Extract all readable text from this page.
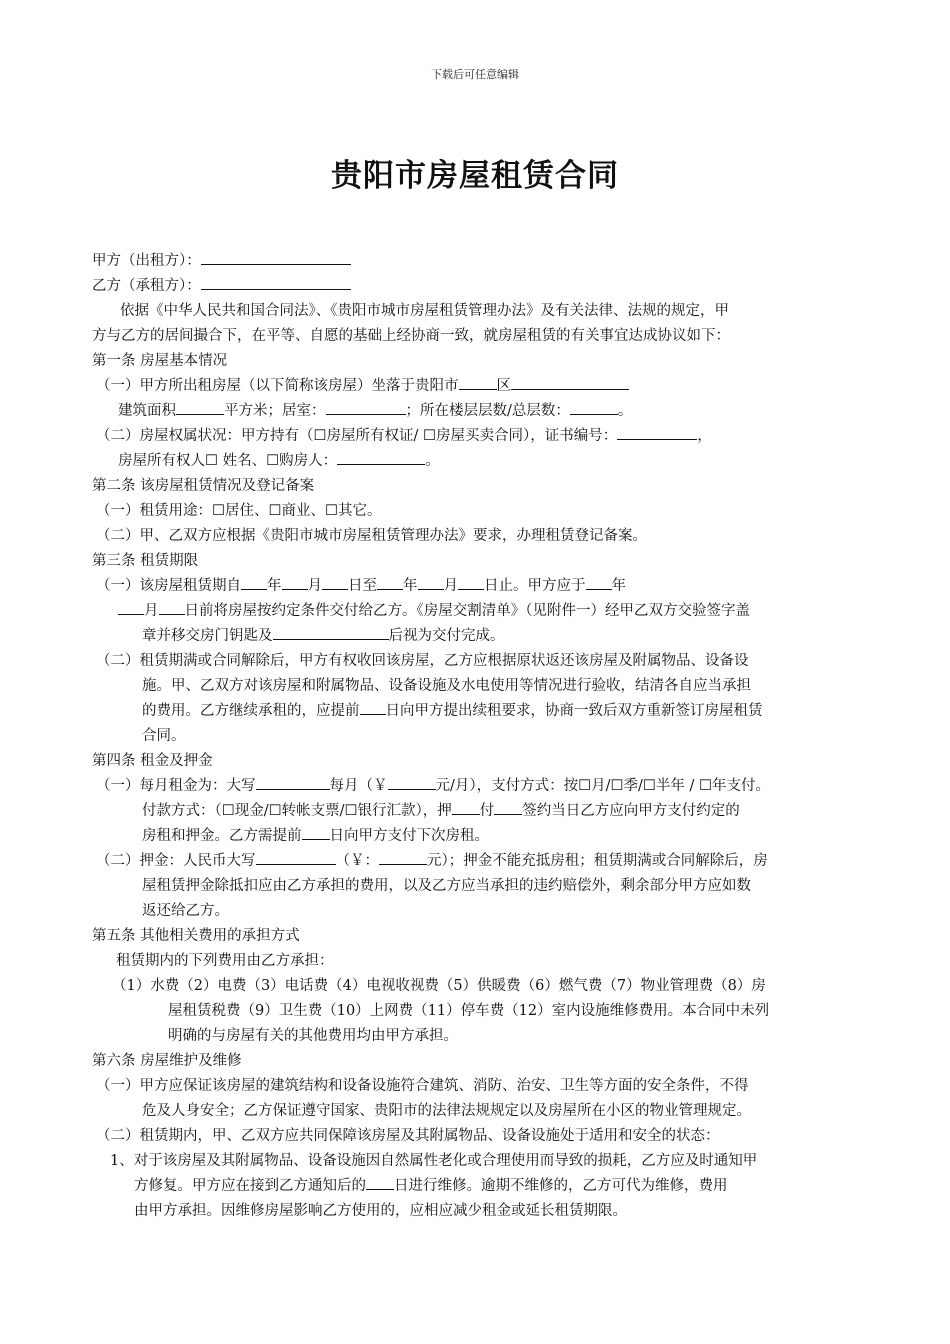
下载后可任意编辑
贵阳市房屋租赁合同
甲方（出租方）：
乙方（承租方）：
依据《中华人民共和国合同法》、《贵阳市城市房屋租赁管理办法》及有关法律、法规的规定，甲
方与乙方的居间撮合下，在平等、自愿的基础上经协商一致，就房屋租赁的有关事宜达成协议如下：
第一条 房屋基本情况
（一）甲方所出租房屋（以下简称该房屋）坐落于贵阳市	区
建筑面积	平方米；居室：	；所在楼层层数/总层数：	。
（二）房屋权属状况：甲方持有（☐房屋所有权证/ ☐房屋买卖合同），证书编号：	，
房屋所有权人☐ 姓名、☐购房人：	。
第二条 该房屋租赁情况及登记备案
（一）租赁用途：☐居住、☐商业、☐其它。
（二）甲、乙双方应根据《贵阳市城市房屋租赁管理办法》要求，办理租赁登记备案。
第三条 租赁期限
（一）该房屋租赁期自 年 月 日至 年 月 日止。甲方应于 年
月 日前将房屋按约定条件交付给乙方。《房屋交割清单》（见附件一）经甲乙双方交验签字盖
章并移交房门钥匙及	后视为交付完成。
（二）租赁期满或合同解除后，甲方有权收回该房屋，乙方应根据原状返还该房屋及附属物品、设备设
施。甲、乙双方对该房屋和附属物品、设备设施及水电使用等情况进行验收，结清各自应当承担
的费用。乙方继续承租的，应提前 日向甲方提出续租要求，协商一致后双方重新签订房屋租赁
合同。
第四条 租金及押金
（一）每月租金为：大写	每月（￥	元/月），支付方式：按☐月/☐季/☐半年 / ☐年支付。
付款方式：（☐现金/☐转帐支票/☐银行汇款），押 付 签约当日乙方应向甲方支付约定的
房租和押金。乙方需提前 日向甲方支付下次房租。
（二）押金：人民币大写	（￥：	元）；押金不能充抵房租；租赁期满或合同解除后，房
屋租赁押金除抵扣应由乙方承担的费用，以及乙方应当承担的违约赔偿外，剩余部分甲方应如数
返还给乙方。
第五条 其他相关费用的承担方式
租赁期内的下列费用由乙方承担：
（1）水费（2）电费（3）电话费（4）电视收视费（5）供暖费（6）燃气费（7）物业管理费（8）房
屋租赁税费（9）卫生费（10）上网费（11）停车费（12）室内设施维修费用。本合同中未列
明确的与房屋有关的其他费用均由甲方承担。
第六条 房屋维护及维修
（一）甲方应保证该房屋的建筑结构和设备设施符合建筑、消防、治安、卫生等方面的安全条件，不得
危及人身安全；乙方保证遵守国家、贵阳市的法律法规规定以及房屋所在小区的物业管理规定。
（二）租赁期内，甲、乙双方应共同保障该房屋及其附属物品、设备设施处于适用和安全的状态：
1、对于该房屋及其附属物品、设备设施因自然属性老化或合理使用而导致的损耗，乙方应及时通知甲
方修复。甲方应在接到乙方通知后的 日进行维修。逾期不维修的，乙方可代为维修，费用
由甲方承担。因维修房屋影响乙方使用的，应相应减少租金或延长租赁期限。
